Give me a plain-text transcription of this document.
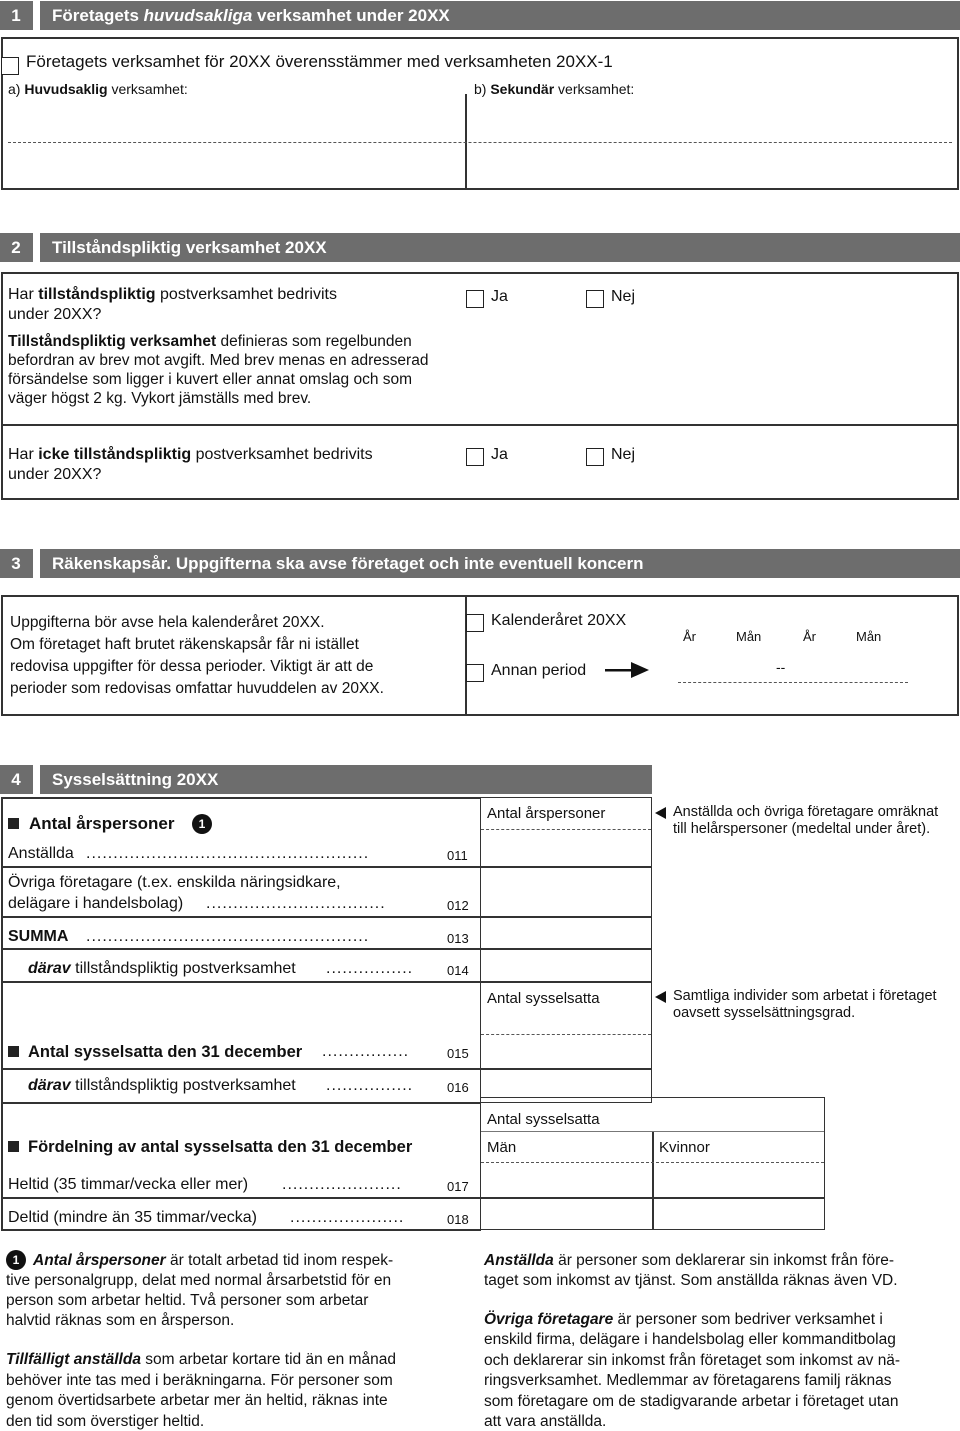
1	Företagets huvudsakliga verksamhet under 20XX
Företagets verksamhet för 20XX överensstämmer med verksamheten 20XX-1
a) Huvudsaklig verksamhet:	b) Sekundär verksamhet:
2	Tillståndspliktig verksamhet 20XX
Har tillståndspliktig postverksamhet bedrivits
under 20XX?
Tillståndspliktig verksamhet definieras som regelbunden
befordran av brev mot avgift. Med brev menas en adresserad
försändelse som ligger i kuvert eller annat omslag och som
väger högst 2 kg. Vykort jämställs med brev.
Ja	Nej
Har icke tillståndspliktig postverksamhet bedrivits
under 20XX?
Ja	Nej
3	Räkenskapsår. Uppgifterna ska avse företaget och inte eventuell koncern
Uppgifterna bör avse hela kalenderåret 20XX.
Om företaget haft brutet räkenskapsår får ni istället
redovisa uppgifter för dessa perioder. Viktigt är att de
perioder som redovisas omfattar huvuddelen av 20XX.
Kalenderåret 20XX
Annan period
År	Mån	År	Mån
--
4	Sysselsättning 20XX
Antal årspersoner	1
Antal årspersoner	Anställda och övriga företagare omräknat
till helårspersoner (medeltal under året).
Anställda ....................................................	011
Övriga företagare (t.ex. enskilda näringsidkare,
delägare i handelsbolag) .................................	012
SUMMA ....................................................	013
därav tillståndspliktig postverksamhet ................	014
Antal sysselsatta	Samtliga individer som arbetat i företaget
oavsett sysselsättningsgrad.
Antal sysselsatta den 31 december ................	015
därav tillståndspliktig postverksamhet ................	016
Antal sysselsatta
Män	Kvinnor
Fördelning av antal sysselsatta den 31 december
Heltid (35 timmar/vecka eller mer) ......................	017
Deltid (mindre än 35 timmar/vecka) .....................	018
1 Antal årspersoner är totalt arbetad tid inom respek-
tive personalgrupp, delat med normal årsarbetstid för en
person som arbetar heltid. Två personer som arbetar
halvtid räknas som en årsperson.
Tillfälligt anställda som arbetar kortare tid än en månad
behöver inte tas med i beräkningarna. För personer som
genom övertidsarbete arbetar mer än heltid, räknas inte
den tid som överstiger heltid.
Anställda är personer som deklarerar sin inkomst från före-
taget som inkomst av tjänst. Som anställda räknas även VD.
Övriga företagare är personer som bedriver verksamhet i
enskild firma, delägare i handelsbolag eller kommanditbolag
och deklarerar sin inkomst från företaget som inkomst av nä-
ringsverksamhet. Medlemmar av företagarens familj räknas
som företagare om de stadigvarande arbetar i företaget utan
att vara anställda.
